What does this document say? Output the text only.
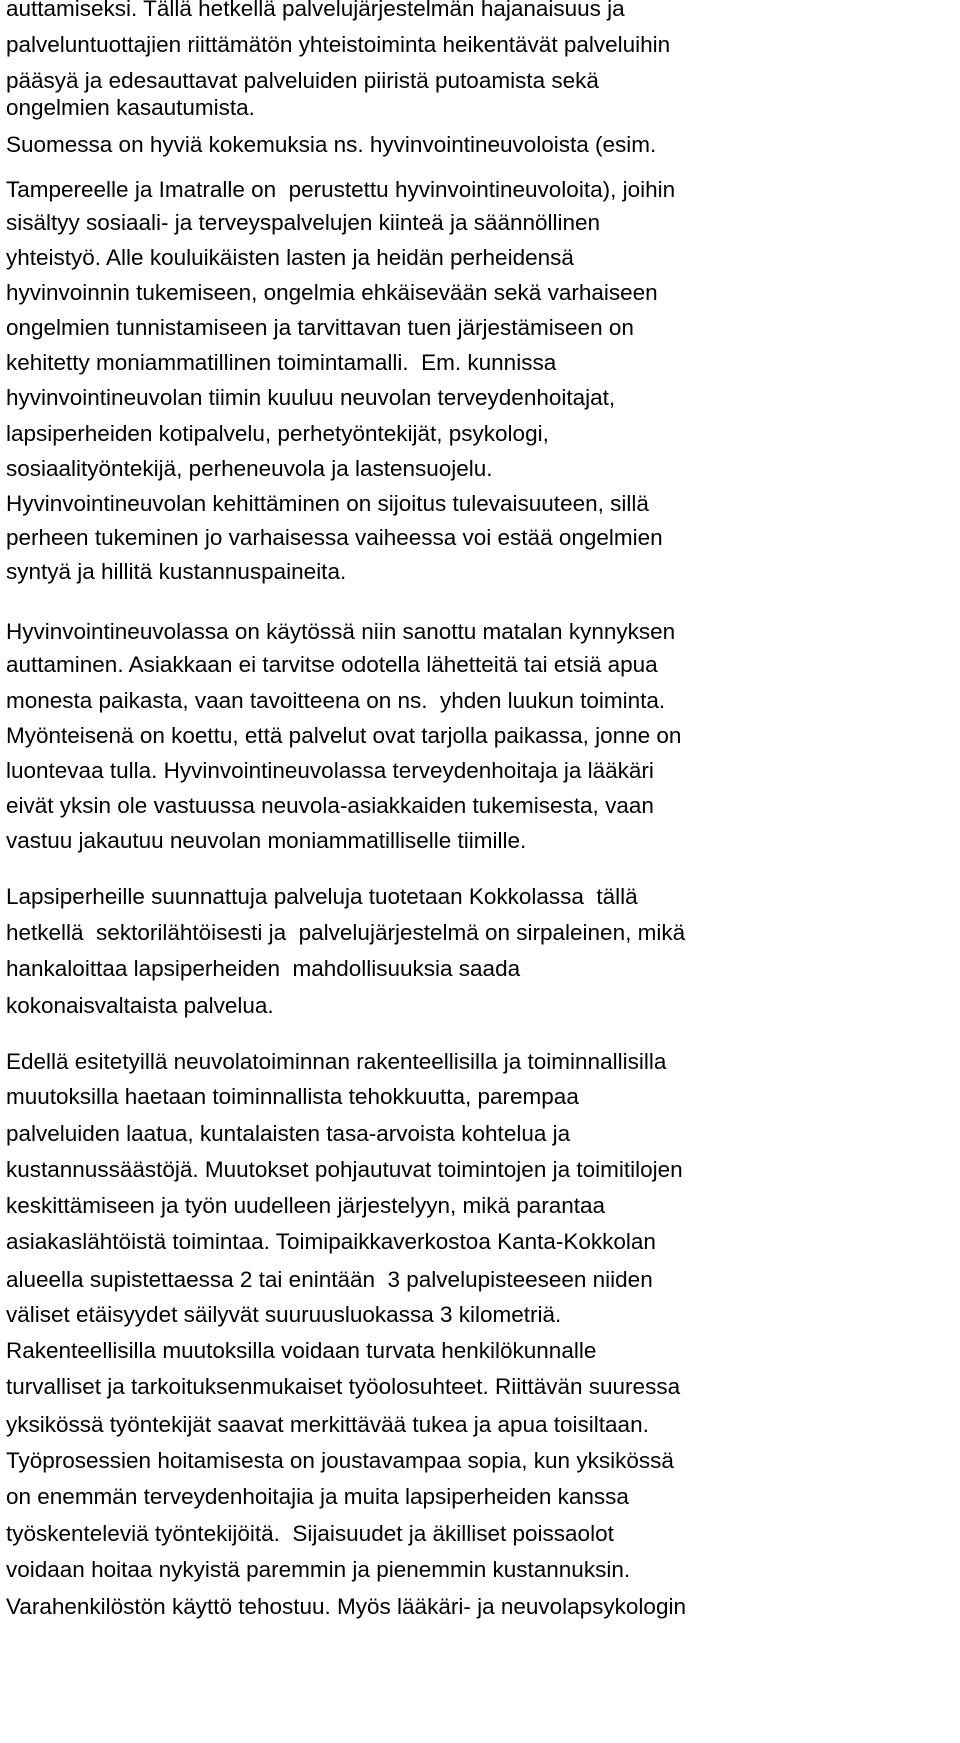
auttamiseksi. Tällä hetkellä palvelujärjestelmän hajanaisuus ja

palveluntuottajien riittämätön yhteistoiminta heikentävät palveluihin

pääsyä ja edesauttavat palveluiden piiristä putoamista sekä

ongelmien kasautumista.

Suomessa on hyviä kokemuksia ns. hyvinvointineuvoloista (esim.

Tampereelle ja Imatralle on  perustettu hyvinvointineuvoloita), joihin

sisältyy sosiaali- ja terveyspalvelujen kiinteä ja säännöllinen

yhteistyö. Alle kouluikäisten lasten ja heidän perheidensä

hyvinvoinnin tukemiseen, ongelmia ehkäisevään sekä varhaiseen

ongelmien tunnistamiseen ja tarvittavan tuen järjestämiseen on

kehitetty moniammatillinen toimintamalli.  Em. kunnissa

hyvinvointineuvolan tiimin kuuluu neuvolan terveydenhoitajat,

lapsiperheiden kotipalvelu, perhetyöntekijät, psykologi,

sosiaalityöntekijä, perheneuvola ja lastensuojelu.

Hyvinvointineuvolan kehittäminen on sijoitus tulevaisuuteen, sillä

perheen tukeminen jo varhaisessa vaiheessa voi estää ongelmien

syntyä ja hillitä kustannuspaineita.

Hyvinvointineuvolassa on käytössä niin sanottu matalan kynnyksen

auttaminen. Asiakkaan ei tarvitse odotella lähetteitä tai etsiä apua

monesta paikasta, vaan tavoitteena on ns.  yhden luukun toiminta.

Myönteisenä on koettu, että palvelut ovat tarjolla paikassa, jonne on

luontevaa tulla. Hyvinvointineuvolassa terveydenhoitaja ja lääkäri

eivät yksin ole vastuussa neuvola-asiakkaiden tukemisesta, vaan

vastuu jakautuu neuvolan moniammatilliselle tiimille.

Lapsiperheille suunnattuja palveluja tuotetaan Kokkolassa  tällä

hetkellä  sektorilähtöisesti ja  palvelujärjestelmä on sirpaleinen, mikä

hankaloittaa lapsiperheiden  mahdollisuuksia saada

kokonaisvaltaista palvelua.

Edellä esitetyillä neuvolatoiminnan rakenteellisilla ja toiminnallisilla

muutoksilla haetaan toiminnallista tehokkuutta, parempaa

palveluiden laatua, kuntalaisten tasa-arvoista kohtelua ja

kustannussäästöjä. Muutokset pohjautuvat toimintojen ja toimitilojen

keskittämiseen ja työn uudelleen järjestelyyn, mikä parantaa

asiakaslähtöistä toimintaa. Toimipaikkaverkostoa Kanta-Kokkolan

alueella supistettaessa 2 tai enintään  3 palvelupisteeseen niiden

väliset etäisyydet säilyvät suuruusluokassa 3 kilometriä.

Rakenteellisilla muutoksilla voidaan turvata henkilökunnalle

turvalliset ja tarkoituksenmukaiset työolosuhteet. Riittävän suuressa

yksikössä työntekijät saavat merkittävää tukea ja apua toisiltaan.

Työprosessien hoitamisesta on joustavampaa sopia, kun yksikössä

on enemmän terveydenhoitajia ja muita lapsiperheiden kanssa

työskenteleviä työntekijöitä.  Sijaisuudet ja äkilliset poissaolot

voidaan hoitaa nykyistä paremmin ja pienemmin kustannuksin.

Varahenkilöstön käyttö tehostuu. Myös lääkäri- ja neuvolapsykologin
